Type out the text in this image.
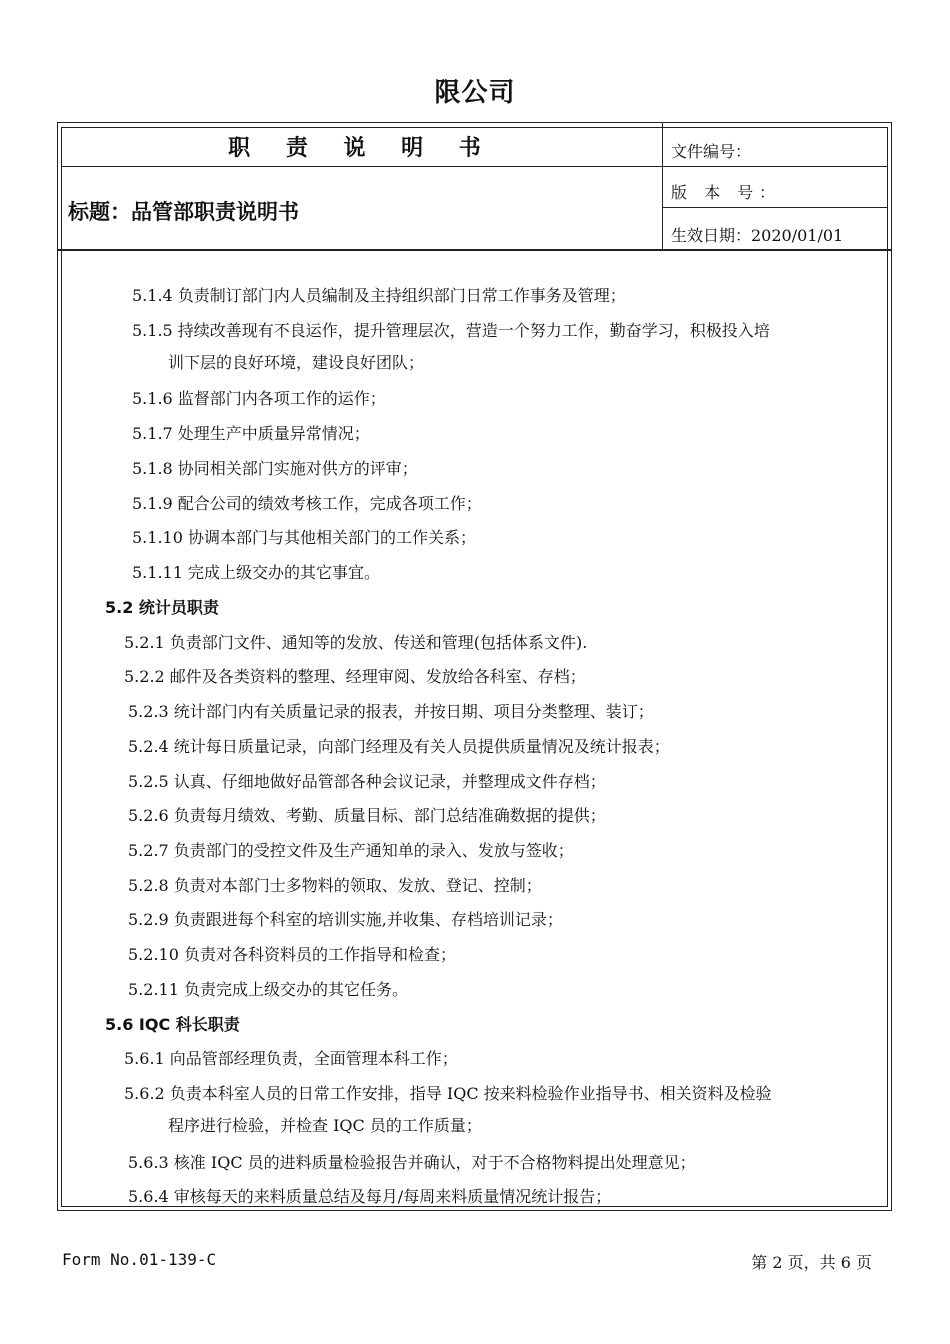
限公司
职 责 说 明 书
标题：品管部职责说明书
文件编号：
版 本 号：
生效日期：2020/01/01
5.1.4 负责制订部门内人员编制及主持组织部门日常工作事务及管理；
5.1.5 持续改善现有不良运作，提升管理层次，营造一个努力工作，勤奋学习，积极投入培
训下层的良好环境，建设良好团队；
5.1.6 监督部门内各项工作的运作；
5.1.7 处理生产中质量异常情况；
5.1.8 协同相关部门实施对供方的评审；
5.1.9 配合公司的绩效考核工作，完成各项工作；
5.1.10 协调本部门与其他相关部门的工作关系；
5.1.11 完成上级交办的其它事宜。
5.2 统计员职责
5.2.1 负责部门文件、通知等的发放、传送和管理(包括体系文件).
5.2.2 邮件及各类资料的整理、经理审阅、发放给各科室、存档；
5.2.3 统计部门内有关质量记录的报表，并按日期、项目分类整理、装订；
5.2.4 统计每日质量记录，向部门经理及有关人员提供质量情况及统计报表；
5.2.5 认真、仔细地做好品管部各种会议记录，并整理成文件存档；
5.2.6 负责每月绩效、考勤、质量目标、部门总结准确数据的提供；
5.2.7 负责部门的受控文件及生产通知单的录入、发放与签收；
5.2.8 负责对本部门士多物料的领取、发放、登记、控制；
5.2.9 负责跟进每个科室的培训实施,并收集、存档培训记录；
5.2.10 负责对各科资料员的工作指导和检查；
5.2.11 负责完成上级交办的其它任务。
5.6 IQC 科长职责
5.6.1 向品管部经理负责，全面管理本科工作；
5.6.2 负责本科室人员的日常工作安排，指导 IQC 按来料检验作业指导书、相关资料及检验
程序进行检验，并检查 IQC 员的工作质量；
5.6.3 核准 IQC 员的进料质量检验报告并确认，对于不合格物料提出处理意见；
5.6.4 审核每天的来料质量总结及每月/每周来料质量情况统计报告；
Form No.01-139-C	第 2 页，共 6 页
